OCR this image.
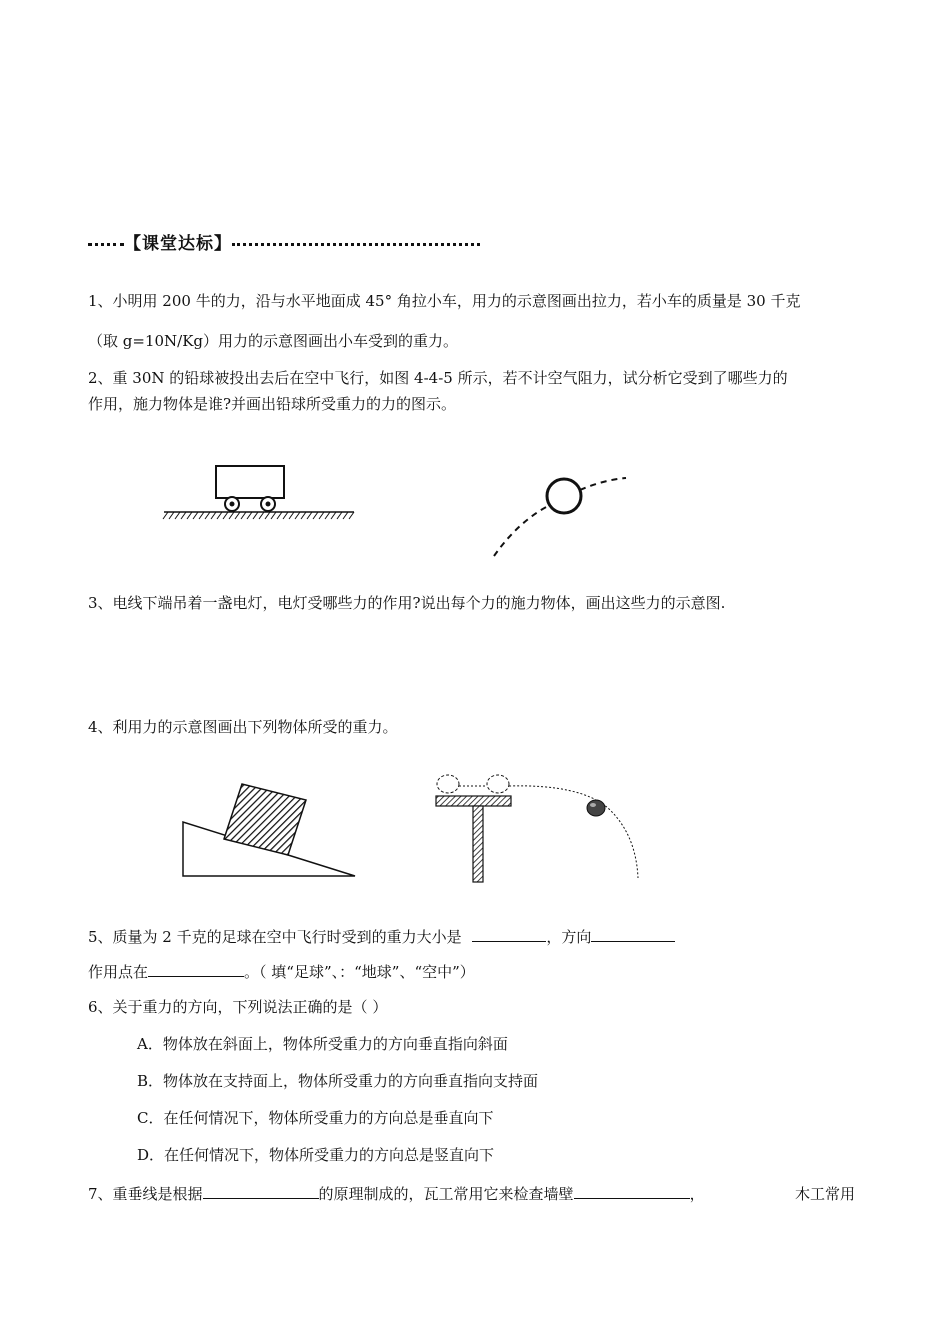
【课堂达标】
1、小明用 200 牛的力，沿与水平地面成 45° 角拉小车，用力的示意图画出拉力，若小车的质量是 30 千克
（取 g=10N/Kg）用力的示意图画出小车受到的重力。
2、重 30N 的铅球被投出去后在空中飞行，如图 4-4-5 所示，若不计空气阻力，试分析它受到了哪些力的
作用，施力物体是谁?并画出铅球所受重力的力的图示。
3、电线下端吊着一盏电灯，电灯受哪些力的作用?说出每个力的施力物体，画出这些力的示意图.
4、利用力的示意图画出下列物体所受的重力。
5、质量为 2 千克的足球在空中飞行时受到的重力大小是	，方向
作用点在	。（ 填“足球”、：“地球”、“空中”）
6、关于重力的方向，下列说法正确的是（ ）
A．物体放在斜面上，物体所受重力的方向垂直指向斜面
B．物体放在支持面上，物体所受重力的方向垂直指向支持面
C．在任何情况下，物体所受重力的方向总是垂直向下
D．在任何情况下，物体所受重力的方向总是竖直向下
7、重垂线是根据	的原理制成的，瓦工常用它来检查墙壁	，	木工常用
